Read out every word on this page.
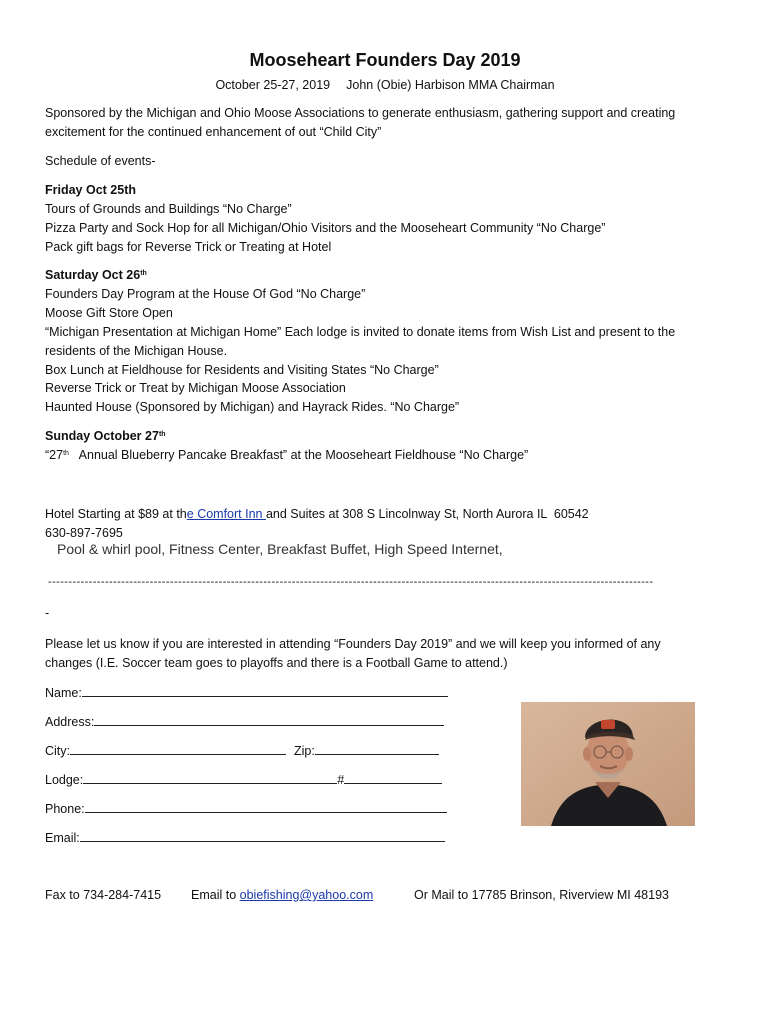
Mooseheart Founders Day 2019
October 25-27, 2019 John (Obie) Harbison MMA Chairman
Sponsored by the Michigan and Ohio Moose Associations to generate enthusiasm, gathering support and creating excitement for the continued enhancement of out “Child City”
Schedule of events-
Friday Oct 25th
Tours of Grounds and Buildings “No Charge”
Pizza Party and Sock Hop for all Michigan/Ohio Visitors and the Mooseheart Community “No Charge”
Pack gift bags for Reverse Trick or Treating at Hotel
Saturday Oct 26th
Founders Day Program at the House Of God “No Charge”
Moose Gift Store Open
“Michigan Presentation at Michigan Home” Each lodge is invited to donate items from Wish List and present to the
residents of the Michigan House.
Box Lunch at Fieldhouse for Residents and Visiting States “No Charge”
Reverse Trick or Treat by Michigan Moose Association
Haunted House (Sponsored by Michigan) and Hayrack Rides. “No Charge”
Sunday October 27th
“27th   Annual Blueberry Pancake Breakfast” at the Mooseheart Fieldhouse “No Charge”
Hotel Starting at $89 at the Comfort Inn and Suites at 308 S Lincolnway St, North Aurora IL  60542
630-897-7695
Pool & whirl pool, Fitness Center, Breakfast Buffet, High Speed Internet,
-----------------------------------------------------------------------------------------------------------------------------------------------------
-
Please let us know if you are interested in attending “Founders Day 2019” and we will keep you informed of any changes (I.E. Soccer team goes to playoffs and there is a Football Game to attend.)
Name:
Address:
City:	Zip:
Lodge:	#
Phone:
Email:
Fax to 734-284-7415 Email to obiefishing@yahoo.com	Or Mail to 17785 Brinson, Riverview MI 48193
